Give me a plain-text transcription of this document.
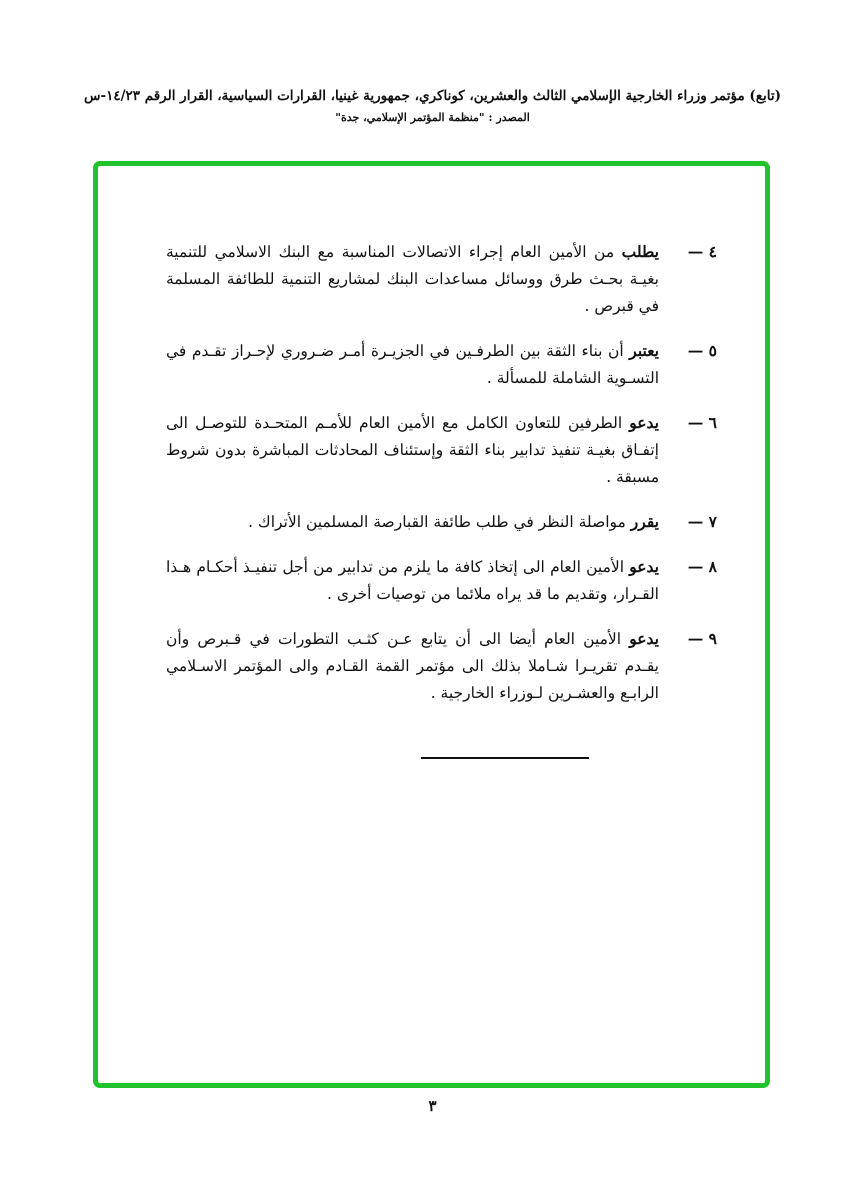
(تابع) مؤتمر وزراء الخارجية الإسلامي الثالث والعشرين، كوناكري، جمهورية غينيا، القرارات السياسية، القرار الرقم ١٤/٢٣-س
المصدر : "منظمة المؤتمر الإسلامي، جدة"
٤ —
يطلب من الأمين العام إجراء الاتصالات المناسبة مع البنك الاسلامي للتنمية بغيـة بحـث طرق ووسائل مساعدات البنك لمشاريع التنمية للطائفة المسلمة في قبرص .
٥ —
يعتبر أن بناء الثقة بين الطرفـين في الجزيـرة أمـر ضـروري لإحـراز تقـدم في التسـوية الشاملة للمسألة .
٦ —
يدعو الطرفين للتعاون الكامل مع الأمين العام للأمـم المتحـدة للتوصـل الى إتفـاق بغيـة تنفيذ تدابير بناء الثقة وإستئناف المحادثات المباشرة بدون شروط مسبقة .
٧ —
يقرر مواصلة النظر في طلب طائفة القبارصة المسلمين الأتراك .
٨ —
يدعو الأمين العام الى إتخاذ كافة ما يلزم من تدابير من أجل تنفيـذ أحكـام هـذا القـرار، وتقديم ما قد يراه ملائما من توصيات أخرى .
٩ —
يدعو الأمين العام أيضا الى أن يتابع عـن كثـب التطورات في قـبرص وأن يقـدم تقريـرا شـاملا بذلك الى مؤتمر القمة القـادم والى المؤتمر الاسـلامي الرابـع والعشـرين لـوزراء الخارجية .
٣
